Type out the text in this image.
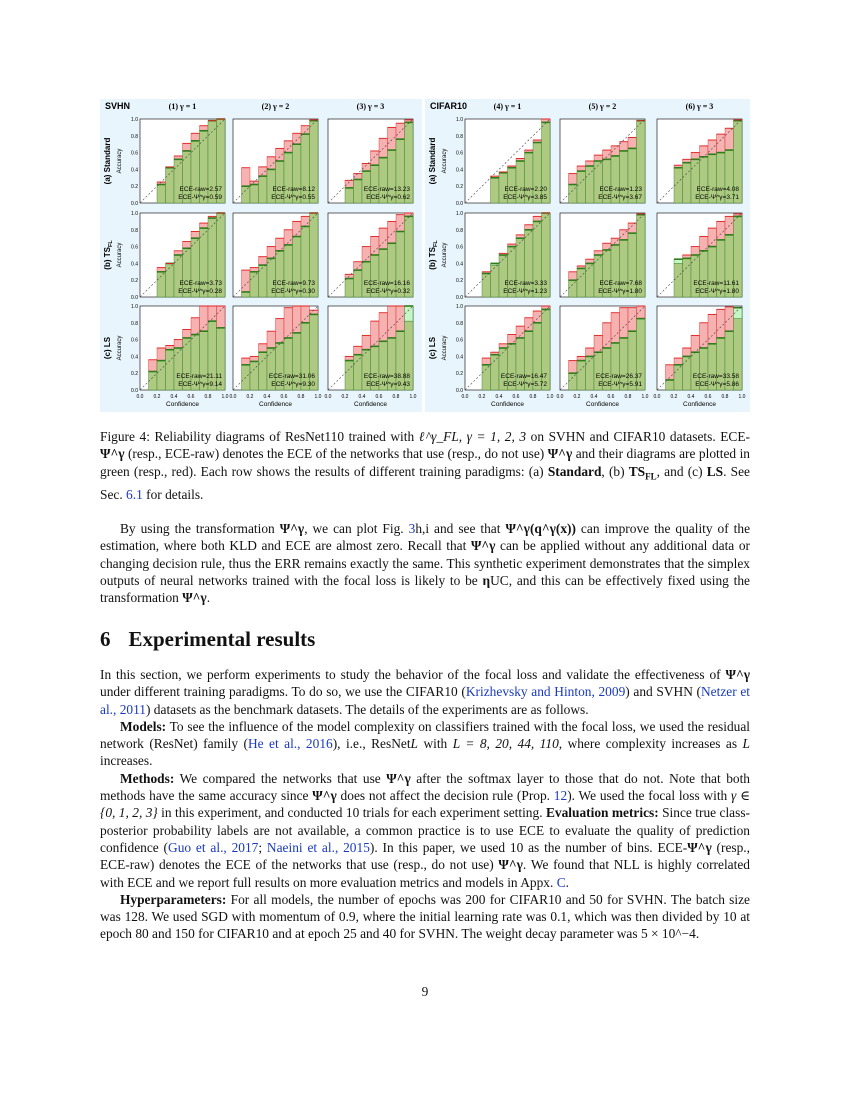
SVHN	CIFAR10
(1) γ = 1	(2) γ = 2	(3) γ = 3	(4) γ = 1	(5) γ = 2	(6) γ = 3
(a) Standard Accuracy	(a) Standard Accuracy
ECE-raw=2.57
ECE-Ψ^γ=0.59
1.0
0.8
0.6
0.4
0.2
0.0
ECE-raw=8.12
ECE-Ψ^γ=0.55
ECE-raw=13.23
ECE-Ψ^γ=0.62
ECE-raw=2.20
ECE-Ψ^γ=3.85
1.0
0.8
0.6
0.4
0.2
0.0
ECE-raw=1.23
ECE-Ψ^γ=3.67
ECE-raw=4.08
ECE-Ψ^γ=3.71
(b) $TS_{FL}$ Accuracy	(b) $TS_{FL}$ Accuracy
ECE-raw=3.73
ECE-Ψ^γ=0.28
1.0
0.8
0.6
0.4
0.2
0.0
ECE-raw=9.73
ECE-Ψ^γ=0.30
ECE-raw=16.16
ECE-Ψ^γ=0.32
ECE-raw=3.33
ECE-Ψ^γ=1.23
1.0
0.8
0.6
0.4
0.2
0.0
ECE-raw=7.68
ECE-Ψ^γ=1.80
ECE-raw=11.61
ECE-Ψ^γ=1.80
(c) LS Accuracy	(c) LS Accuracy
ECE-raw=21.11
ECE-Ψ^γ=9.14
1.0
0.8
0.6
0.4
0.2
0.0
0.0 0.2 0.4 0.6 0.8 1.0
Confidence
ECE-raw=31.06
ECE-Ψ^γ=9.30
0.0 0.2 0.4 0.6 0.8 1.0
Confidence
ECE-raw=38.88
ECE-Ψ^γ=9.43
0.0 0.2 0.4 0.6 0.8 1.0
Confidence
ECE-raw=16.47
ECE-Ψ^γ=5.72
1.0
0.8
0.6
0.4
0.2
0.0
0.0 0.2 0.4 0.6 0.8 1.0
Confidence
ECE-raw=26.37
ECE-Ψ^γ=5.91
0.0 0.2 0.4 0.6 0.8 1.0
Confidence
ECE-raw=33.58
ECE-Ψ^γ=5.86
0.0 0.2 0.4 0.6 0.8 1.0
Confidence

Figure 4: Reliability diagrams of ResNet110 trained with ℓ^γ_FL, γ = 1, 2, 3 on SVHN and CIFAR10 datasets. ECE-Ψ^γ (resp., ECE-raw) denotes the ECE of the networks that use (resp., do not use) Ψ^γ and their diagrams are plotted in green (resp., red). Each row shows the results of different training paradigms: (a) Standard, (b) $TS_{FL}$, and (c) LS. See Sec. 6.1 for details.

By using the transformation Ψ^γ, we can plot Fig. 3h,i and see that Ψ^γ(q^γ(x)) can improve the quality of the estimation, where both KLD and ECE are almost zero. Recall that Ψ^γ can be applied without any additional data or changing decision rule, thus the ERR remains exactly the same. This synthetic experiment demonstrates that the simplex outputs of neural networks trained with the focal loss is likely to be ηUC, and this can be effectively fixed using the transformation Ψ^γ.

6 Experimental results

In this section, we perform experiments to study the behavior of the focal loss and validate the effectiveness of Ψ^γ under different training paradigms. To do so, we use the CIFAR10 (Krizhevsky and Hinton, 2009) and SVHN (Netzer et al., 2011) datasets as the benchmark datasets. The details of the experiments are as follows.

Models: To see the influence of the model complexity on classifiers trained with the focal loss, we used the residual network (ResNet) family (He et al., 2016), i.e., ResNetL with L = 8, 20, 44, 110, where complexity increases as L increases.

Methods: We compared the networks that use Ψ^γ after the softmax layer to those that do not. Note that both methods have the same accuracy since Ψ^γ does not affect the decision rule (Prop. 12). We used the focal loss with γ ∈ {0, 1, 2, 3} in this experiment, and conducted 10 trials for each experiment setting. Evaluation metrics: Since true class-posterior probability labels are not available, a common practice is to use ECE to evaluate the quality of prediction confidence (Guo et al., 2017; Naeini et al., 2015). In this paper, we used 10 as the number of bins. ECE-Ψ^γ (resp., ECE-raw) denotes the ECE of the networks that use (resp., do not use) Ψ^γ. We found that NLL is highly correlated with ECE and we report full results on more evaluation metrics and models in Appx. C.

Hyperparameters: For all models, the number of epochs was 200 for CIFAR10 and 50 for SVHN. The batch size was 128. We used SGD with momentum of 0.9, where the initial learning rate was 0.1, which was then divided by 10 at epoch 80 and 150 for CIFAR10 and at epoch 25 and 40 for SVHN. The weight decay parameter was 5 × 10^−4.

9
